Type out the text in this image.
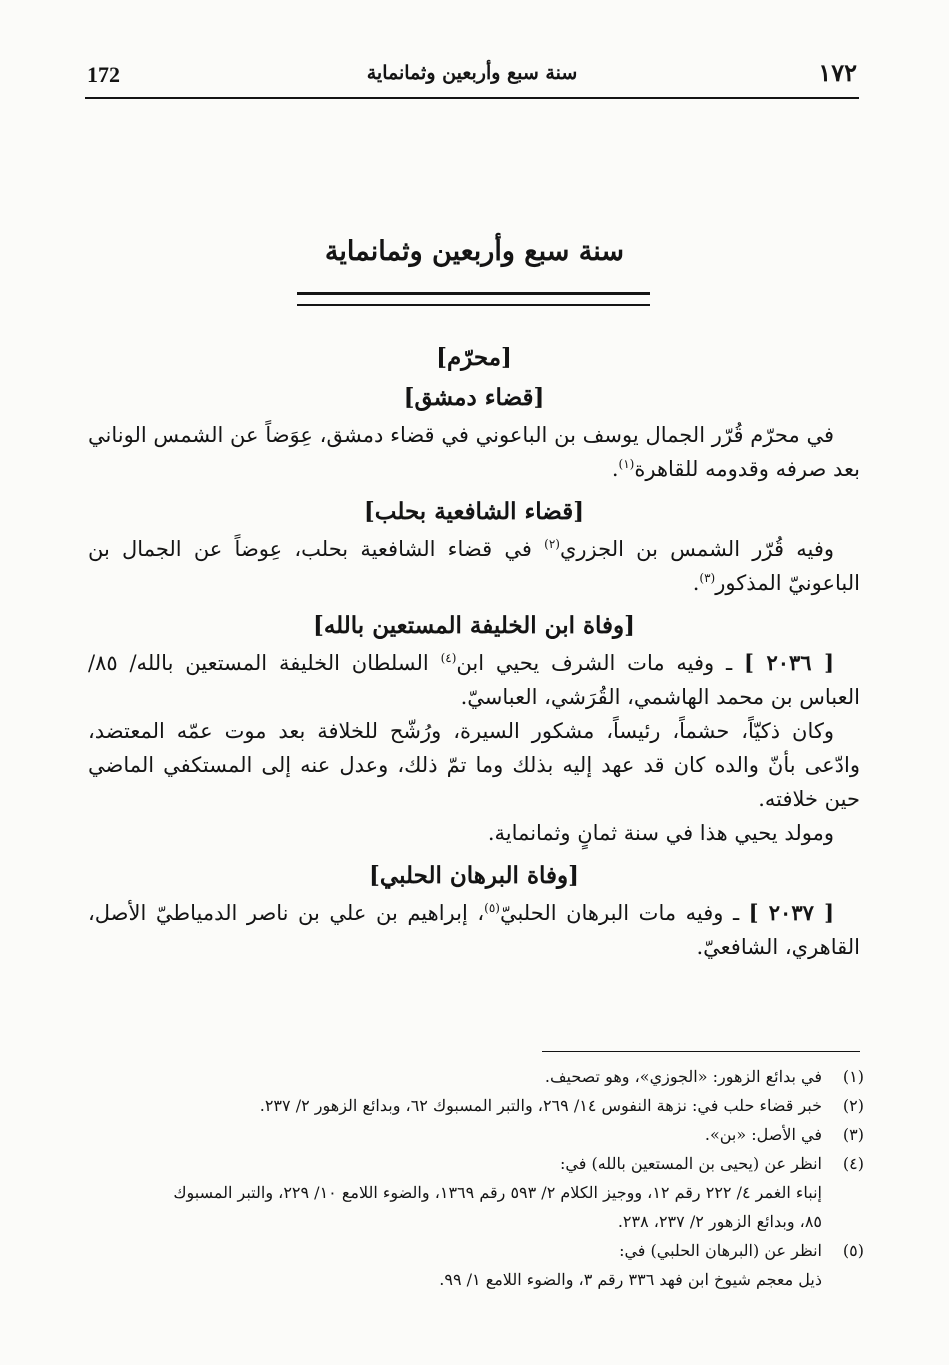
172	سنة سبع وأربعين وثمانماية	١٧٢
سنة سبع وأربعين وثمانماية
[محرّم]
[قضاء دمشق]

في محرّم قُرّر الجمال يوسف بن الباعوني في قضاء دمشق، عِوَضاً عن الشمس الوناني بعد صرفه وقدومه للقاهرة$^{(١)}$.

[قضاء الشافعية بحلب]

وفيه قُرّر الشمس بن الجزري$^{(٢)}$ في قضاء الشافعية بحلب، عِوضاً عن الجمال بن الباعونيّ المذكور$^{(٣)}$.

[وفاة ابن الخليفة المستعين بالله]

[ ٢٠٣٦ ] ـ وفيه مات الشرف يحيي ابن$^{(٤)}$ السلطان الخليفة المستعين بالله/ ٨٥/ العباس بن محمد الهاشمي، القُرَشي، العباسيّ.

وكان ذكيّاً، حشماً، رئيساً، مشكور السيرة، ورُشّح للخلافة بعد موت عمّه المعتضد، وادّعى بأنّ والده كان قد عهد إليه بذلك وما تمّ ذلك، وعدل عنه إلى المستكفي الماضي حين خلافته.

ومولد يحيي هذا في سنة ثمانٍ وثمانماية.

[وفاة البرهان الحلبي]

[ ٢٠٣٧ ] ـ وفيه مات البرهان الحلبيّ$^{(٥)}$، إبراهيم بن علي بن ناصر الدمياطيّ الأصل، القاهري، الشافعيّ.

(١)
في بدائع الزهور: «الجوزي»، وهو تصحيف.
(٢)
خبر قضاء حلب في: نزهة النفوس ١٤/ ٢٦٩، والتبر المسبوك ٦٢، وبدائع الزهور ٢/ ٢٣٧.
(٣)
في الأصل: «بن».
(٤)
انظر عن (يحيى بن المستعين بالله) في:
إنباء الغمر ٤/ ٢٢٢ رقم ١٢، ووجيز الكلام ٢/ ٥٩٣ رقم ١٣٦٩، والضوء اللامع ١٠/ ٢٢٩، والتبر المسبوك ٨٥، وبدائع الزهور ٢/ ٢٣٧، ٢٣٨.
(٥)
انظر عن (البرهان الحلبي) في:
ذيل معجم شيوخ ابن فهد ٣٣٦ رقم ٣، والضوء اللامع ١/ ٩٩.
